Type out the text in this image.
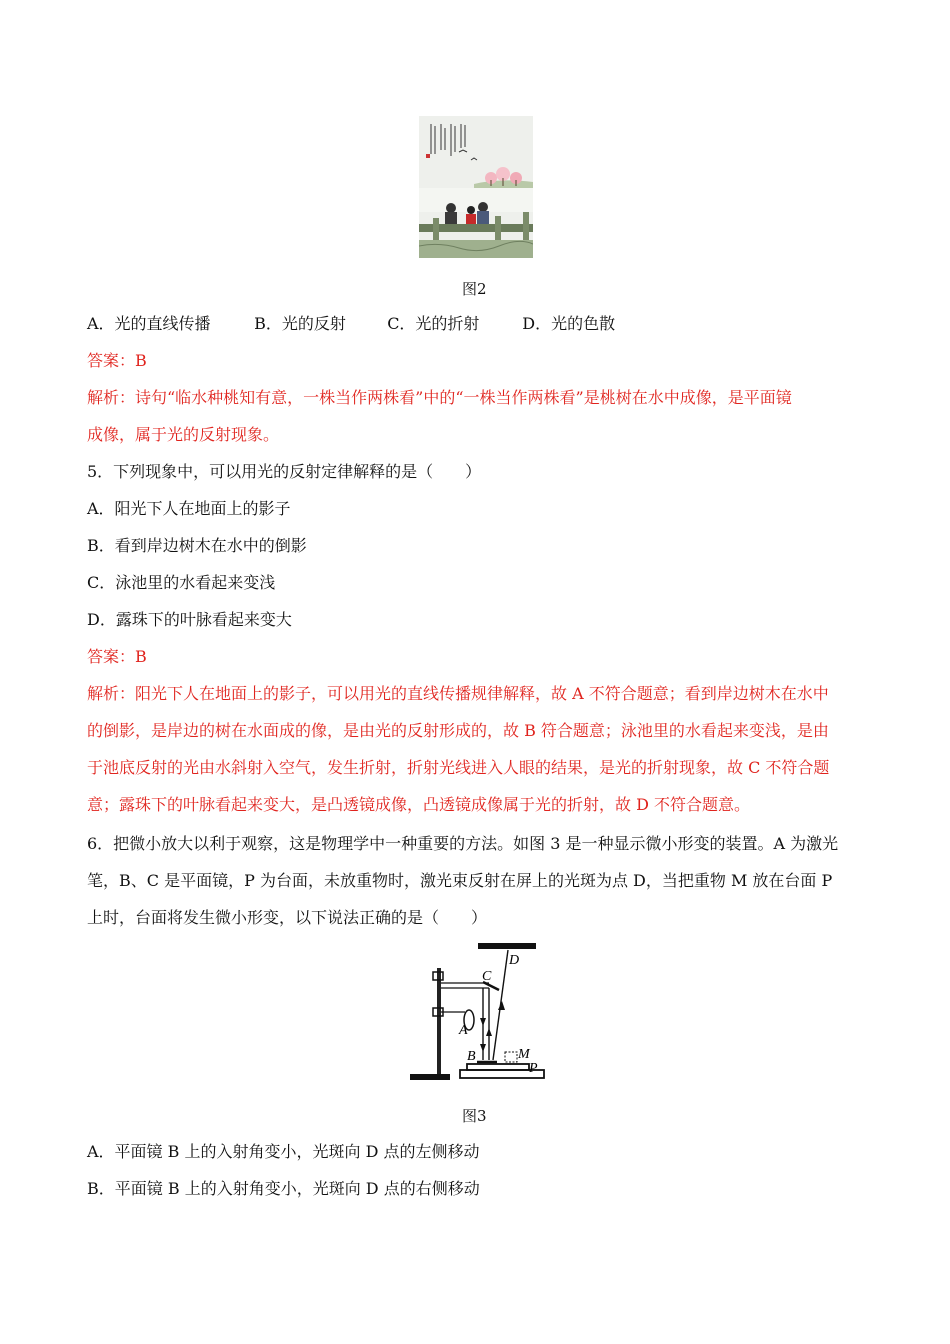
图2
A．光的直线传播	B．光的反射	C．光的折射	D．光的色散
答案：B
解析：诗句“临水种桃知有意，一株当作两株看”中的“一株当作两株看”是桃树在水中成像，是平面镜
成像，属于光的反射现象。
5．下列现象中，可以用光的反射定律解释的是（　　）
A．阳光下人在地面上的影子
B．看到岸边树木在水中的倒影
C．泳池里的水看起来变浅
D．露珠下的叶脉看起来变大
答案：B
解析：阳光下人在地面上的影子，可以用光的直线传播规律解释，故 A 不符合题意；看到岸边树木在水中
的倒影，是岸边的树在水面成的像，是由光的反射形成的，故 B 符合题意；泳池里的水看起来变浅，是由
于池底反射的光由水斜射入空气，发生折射，折射光线进入人眼的结果，是光的折射现象，故 C 不符合题
意；露珠下的叶脉看起来变大，是凸透镜成像，凸透镜成像属于光的折射，故 D 不符合题意。
6．把微小放大以利于观察，这是物理学中一种重要的方法。如图 3 是一种显示微小形变的装置。A 为激光
笔，B、C 是平面镜，P 为台面，未放重物时，激光束反射在屏上的光斑为点 D，当把重物 M 放在台面 P
上时，台面将发生微小形变，以下说法正确的是（　　）
C
D
A
B	M
P
图3
A．平面镜 B 上的入射角变小，光斑向 D 点的左侧移动
B．平面镜 B 上的入射角变小，光斑向 D 点的右侧移动
